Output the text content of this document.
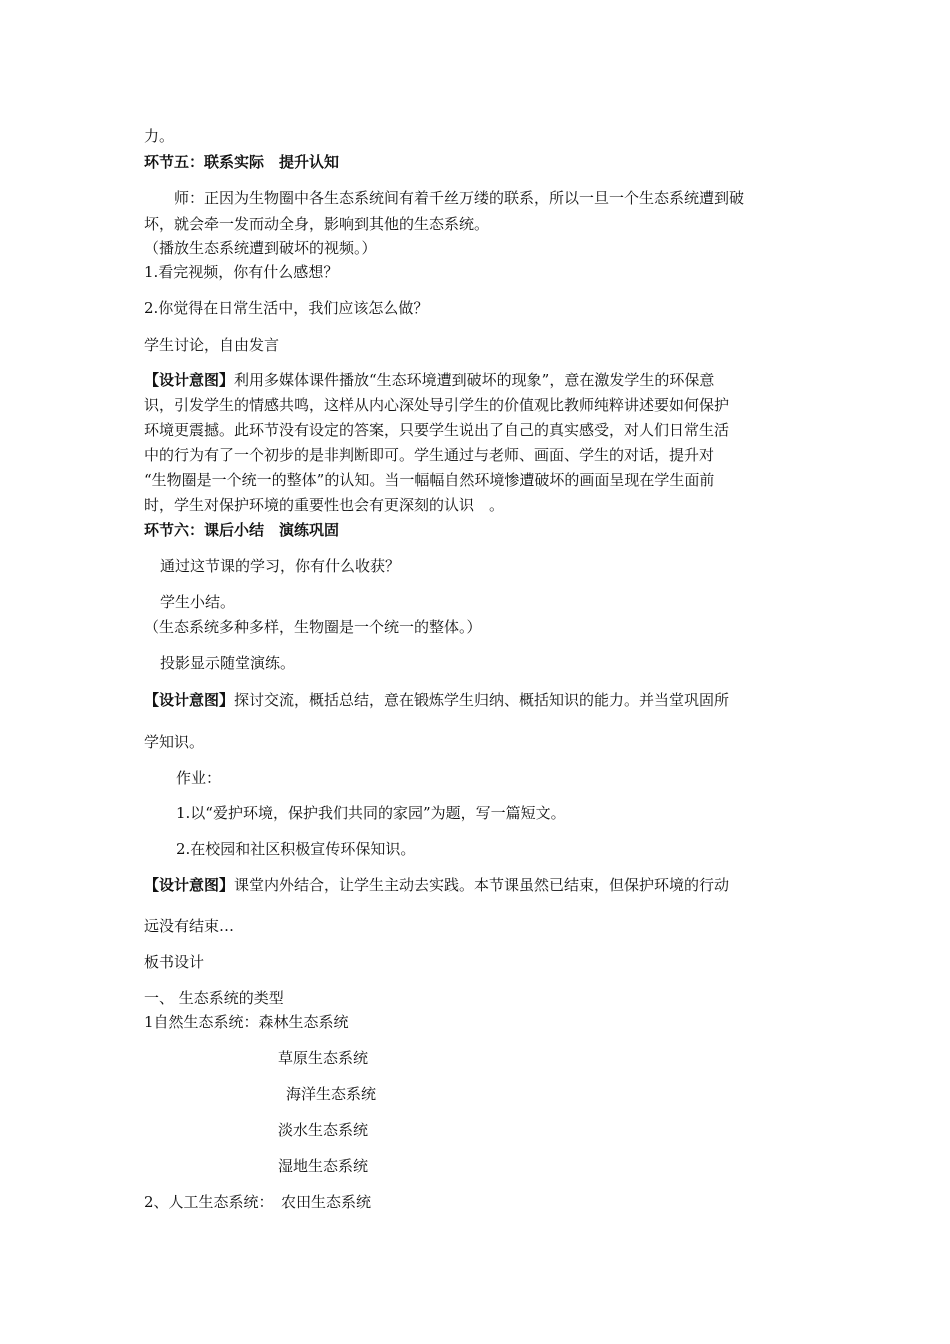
力。
环节五：联系实际　提升认知
师：正因为生物圈中各生态系统间有着千丝万缕的联系，所以一旦一个生态系统遭到破
坏，就会牵一发而动全身，影响到其他的生态系统。
（播放生态系统遭到破坏的视频。）
1.看完视频，你有什么感想？
2.你觉得在日常生活中，我们应该怎么做？
学生讨论，自由发言
【设计意图】利用多媒体课件播放“生态环境遭到破坏的现象”，意在激发学生的环保意
识，引发学生的情感共鸣，这样从内心深处导引学生的价值观比教师纯粹讲述要如何保护
环境更震撼。此环节没有设定的答案，只要学生说出了自己的真实感受，对人们日常生活
中的行为有了一个初步的是非判断即可。学生通过与老师、画面、学生的对话，提升对
“生物圈是一个统一的整体”的认知。当一幅幅自然环境惨遭破坏的画面呈现在学生面前
时，学生对保护环境的重要性也会有更深刻的认识　。
环节六：课后小结　演练巩固
通过这节课的学习，你有什么收获？
学生小结。
（生态系统多种多样，生物圈是一个统一的整体。）
投影显示随堂演练。
【设计意图】探讨交流，概括总结，意在锻炼学生归纳、概括知识的能力。并当堂巩固所
学知识。
作业：
1.以“爱护环境，保护我们共同的家园”为题，写一篇短文。
2.在校园和社区积极宣传环保知识。
【设计意图】课堂内外结合，让学生主动去实践。本节课虽然已结束，但保护环境的行动
远没有结束…
板书设计
一、 生态系统的类型
1自然生态系统：森林生态系统
草原生态系统
海洋生态系统
淡水生态系统
湿地生态系统
2、人工生态系统：　农田生态系统
